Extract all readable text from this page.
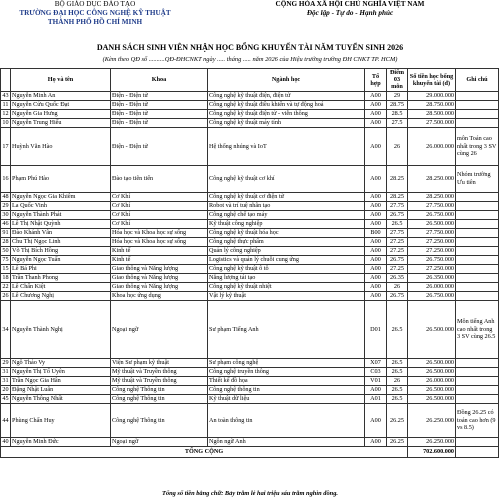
BỘ GIÁO DỤC ĐÀO TẠO
TRƯỜNG ĐẠI HỌC CÔNG NGHỆ KỸ THUẬT
THÀNH PHỐ HỒ CHÍ MINH
CỘNG HÒA XÃ HỘI CHỦ NGHĨA VIỆT NAM
Độc lập - Tự do - Hạnh phúc
DANH SÁCH SINH VIÊN NHẬN HỌC BỔNG KHUYẾN TÀI NĂM TUYỂN SINH 2026
(Kèm theo QĐ số ..........QĐ-ĐHCNKT ngày ..... tháng ..... năm 2026 của Hiệu trưởng trường ĐH CNKT TP. HCM)
	Họ và tên	Khoa	Ngành học	Tổ hợp	Điểm 03 môn	Số tiền học bổng khuyến tài (đ)	Ghi chú
43	Nguyễn Minh An	Điện - Điện tử	Công nghệ kỹ thuật điện, điện tử	A00	29	29.000.000	
11	Nguyễn Cửu Quốc Đạt	Điện - Điện tử	Công nghệ kỹ thuật điều khiển và tự động hoá	A00	28.75	28.750.000	
12	Nguyễn Gia Hưng	Điện - Điện tử	Công nghệ kỹ thuật điện tử - viễn thông	A00	28.5	28.500.000	
10	Nguyễn Trung Hiếu	Điện - Điện tử	Công nghệ kỹ thuật máy tính	A00	27.5	27.500.000	
17	Huỳnh Văn Hào	Điện - Điện tử	Hệ thống nhúng và IoT	A00	26	26.000.000	môn Toán cao nhất trong 3 SV cùng 26
16	Phạm Phú Hào	Đào tạo tiên tiến	Công nghệ kỹ thuật cơ khí	A00	28.25	28.250.000	Nhóm trường Ưu tiên
48	Nguyễn Ngọc Gia Khiêm	Cơ Khí	Công nghệ kỹ thuật cơ điện tử	A00	28.25	28.250.000	
29	La Quốc Vinh	Cơ Khí	Robot và trí tuệ nhân tạo	A00	27.75	27.750.000	
30	Nguyễn Thành Phát	Cơ Khí	Công nghệ chế tạo máy	A00	26.75	26.750.000	
46	Lê Thị Nhật Quỳnh	Cơ Khí	Kỹ thuật công nghiệp	A00	26.5	26.500.000	
91	Đào Khánh Vân	Hóa học và Khoa học sự sống	Công nghệ kỹ thuật hóa học	B00	27.75	27.750.000	
28	Chu Thị Ngọc Linh	Hóa học và Khoa học sự sống	Công nghệ thực phẩm	A00	27.25	27.250.000	
50	Võ Thị Bích Hồng	Kinh tế	Quản lý công nghiệp	A00	27.25	27.250.000	
75	Nguyễn Ngọc Tuấn	Kinh tế	Logistics và quản lý chuỗi cung ứng	A00	26.75	26.750.000	
15	Lê Bá Phi	Giao thông và Năng lượng	Công nghệ kỹ thuật ô tô	A00	27.25	27.250.000	
18	Trần Thanh Phong	Giao thông và Năng lượng	Năng lượng tái tạo	A00	26.35	26.350.000	
22	Lê Chấn Kiệt	Giao thông và Năng lượng	Công nghệ kỹ thuật nhiệt	A00	26	26.000.000	
26	Lê Chương Nghị	Khoa học ứng dụng	Vật lý kỹ thuật	A00	26.75	26.750.000	
34	Nguyễn Thành Nghị	Ngoại ngữ	Sư phạm Tiếng Anh	D01	26.5	26.500.000	Môn tiếng Anh cao nhất trong 3 SV cùng 26.5
29	Ngô Thảo Vy	Viện Sư phạm kỹ thuật	Sư phạm công nghệ	X07	26.5	26.500.000	
31	Nguyễn Thị Tố Uyên	Mỹ thuật và Truyền thông	Công nghệ truyền thông	C03	26.5	26.500.000	
31	Trần Ngọc Gia Hân	Mỹ thuật và Truyền thông	Thiết kế đồ họa	V01	26	26.000.000	
20	Đặng Nhật Luân	Công nghệ Thông tin	Công nghệ thông tin	A00	26.5	26.500.000	
45	Nguyễn Thông Nhất	Công nghệ Thông tin	Kỹ thuật dữ liệu	A01	26.5	26.500.000	
44	Phùng Chấn Huy	Công nghệ Thông tin	An toàn thông tin	A00	26.25	26.250.000	Đồng 26.25 có toán cao hơn (9 vs 8.5)
40	Nguyễn Minh Đức	Ngoại ngữ	Ngôn ngữ Anh	A00	26.25	26.250.000	
TỔNG CỘNG						702.600.000	
Tổng số tiền bằng chữ: Bảy trăm lẻ hai triệu sáu trăm nghìn đồng.
